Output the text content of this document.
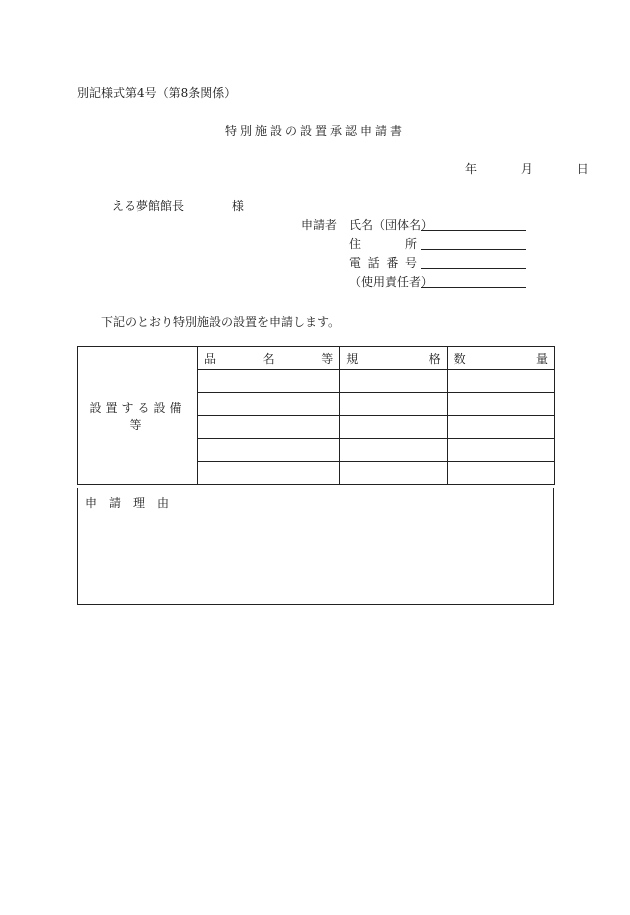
別記様式第4号（第8条関係）
特別施設の設置承認申請書
年	月	日
える夢館館長	様
申請者 氏名（団体名）
住	所
電 話 番 号
（使用責任者）
下記のとおり特別施設の設置を申請します。
設置する設備等	品 名 等	規 格	数 量

申請理由
